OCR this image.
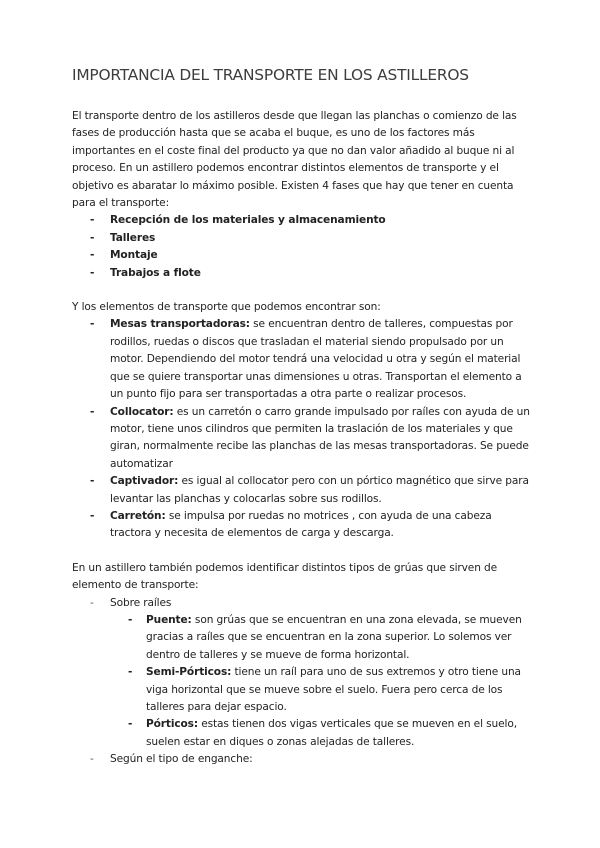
IMPORTANCIA DEL TRANSPORTE EN LOS ASTILLEROS

El transporte dentro de los astilleros desde que llegan las planchas o comienzo de las fases de producción hasta que se acaba el buque, es uno de los factores más importantes en el coste final del producto ya que no dan valor añadido al buque ni al proceso. En un astillero podemos encontrar distintos elementos de transporte y el objetivo es abaratar lo máximo posible. Existen 4 fases que hay que tener en cuenta para el transporte:

- Recepción de los materiales y almacenamiento
- Talleres
- Montaje
- Trabajos a flote

Y los elementos de transporte que podemos encontrar son:

- Mesas transportadoras: se encuentran dentro de talleres, compuestas por rodillos, ruedas o discos que trasladan el material siendo propulsado por un motor. Dependiendo del motor tendrá una velocidad u otra y según el material que se quiere transportar unas dimensiones u otras. Transportan el elemento a un punto fijo para ser transportadas a otra parte o realizar procesos.
- Collocator: es un carretón o carro grande impulsado por raíles con ayuda de un motor, tiene unos cilindros que permiten la traslación de los materiales y que giran, normalmente recibe las planchas de las mesas transportadoras. Se puede automatizar
- Captivador: es igual al collocator pero con un pórtico magnético que sirve para levantar las planchas y colocarlas sobre sus rodillos.
- Carretón: se impulsa por ruedas no motrices , con ayuda de una cabeza tractora y necesita de elementos de carga y descarga.

En un astillero también podemos identificar distintos tipos de grúas que sirven de elemento de transporte:

- Sobre raíles
- Puente: son grúas que se encuentran en una zona elevada, se mueven gracias a raíles que se encuentran en la zona superior. Lo solemos ver dentro de talleres y se mueve de forma horizontal.
- Semi-Pórticos: tiene un raíl para uno de sus extremos y otro tiene una viga horizontal que se mueve sobre el suelo. Fuera pero cerca de los talleres para dejar espacio.
- Pórticos: estas tienen dos vigas verticales que se mueven en el suelo, suelen estar en diques o zonas alejadas de talleres.
- Según el tipo de enganche:
